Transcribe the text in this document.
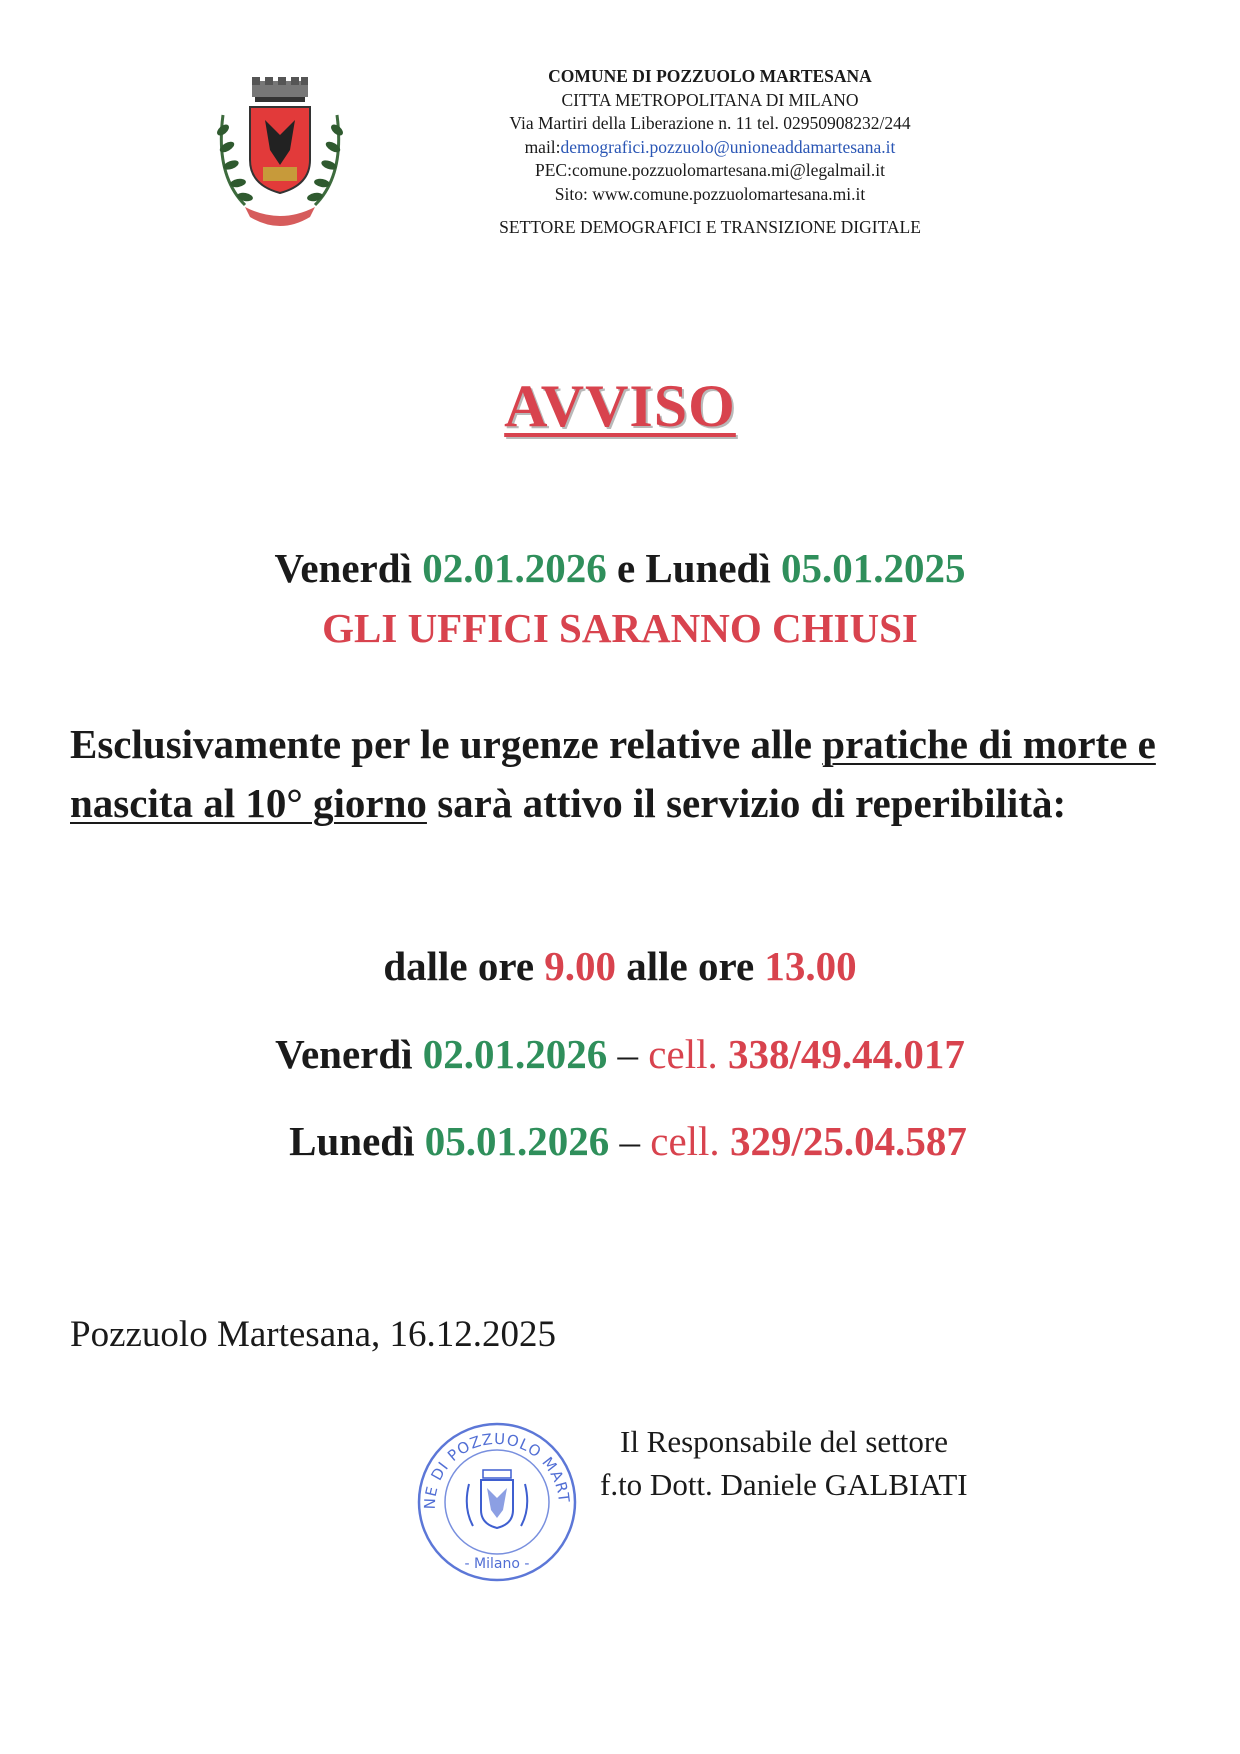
COMUNE DI POZZUOLO MARTESANA
CITTA METROPOLITANA DI MILANO
Via Martiri della Liberazione n. 11 tel. 02950908232/244
mail:demografici.pozzuolo@unioneaddamartesana.it
PEC:comune.pozzuolomartesana.mi@legalmail.it
Sito: www.comune.pozzuolomartesana.mi.it
SETTORE DEMOGRAFICI E TRANSIZIONE DIGITALE
AVVISO
Venerdì 02.01.2026 e Lunedì 05.01.2025
GLI UFFICI SARANNO CHIUSI
Esclusivamente per le urgenze relative alle pratiche di morte e nascita al 10° giorno sarà attivo il servizio di reperibilità:
dalle ore 9.00 alle ore 13.00
Venerdì 02.01.2026 – cell. 338/49.44.017
Lunedì 05.01.2026 – cell. 329/25.04.587
Pozzuolo Martesana, 16.12.2025
NE DI POZZUOLO MART
- Milano -
Il Responsabile del settore
f.to Dott. Daniele GALBIATI
